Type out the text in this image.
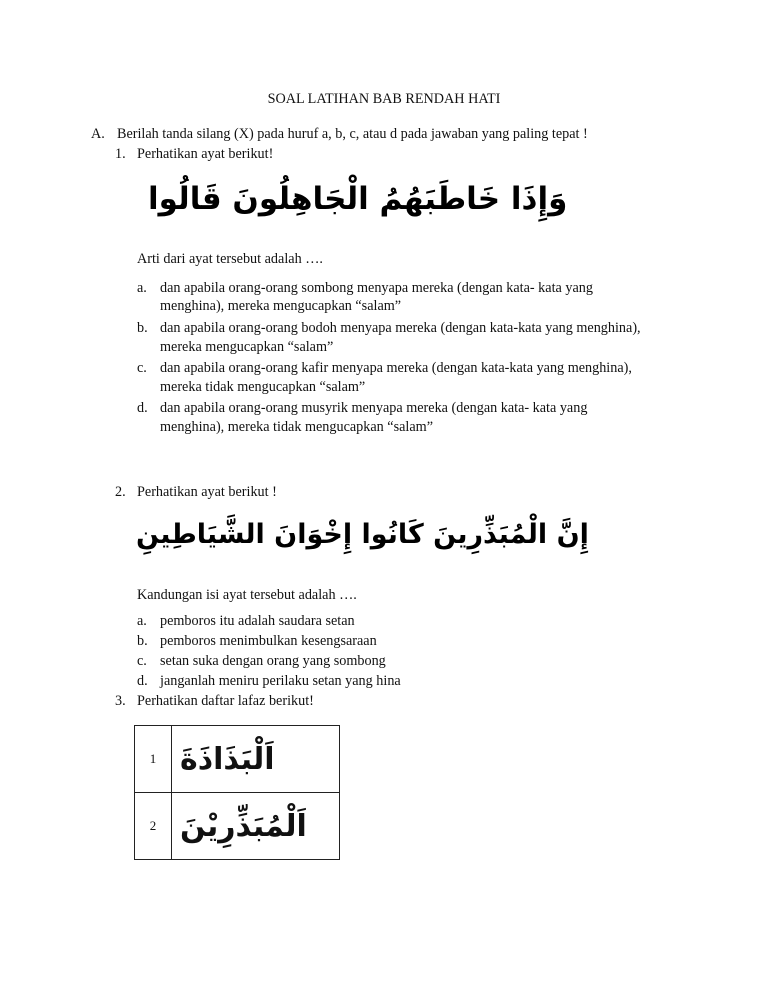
SOAL LATIHAN BAB RENDAH HATI
A. Berilah tanda silang (X) pada huruf a, b, c, atau d pada jawaban yang paling tepat !
1. Perhatikan ayat berikut!
وَإِذَا خَاطَبَهُمُ الْجَاهِلُونَ قَالُوا
Arti dari ayat tersebut adalah ….
a. dan apabila orang-orang sombong menyapa mereka (dengan kata- kata yang
menghina), mereka mengucapkan “salam”
b. dan apabila orang-orang bodoh menyapa mereka (dengan kata-kata yang menghina),
mereka mengucapkan “salam”
c. dan apabila orang-orang kafir menyapa mereka (dengan kata-kata yang menghina),
mereka tidak mengucapkan “salam”
d. dan apabila orang-orang musyrik menyapa mereka (dengan kata- kata yang
menghina), mereka tidak mengucapkan “salam”
2. Perhatikan ayat berikut !
إِنَّ الْمُبَذِّرِينَ كَانُوا إِخْوَانَ الشَّيَاطِينِ
Kandungan isi ayat tersebut adalah ….
a. pemboros itu adalah saudara setan
b. pemboros menimbulkan kesengsaraan
c. setan suka dengan orang yang sombong
d. janganlah meniru perilaku setan yang hina
3. Perhatikan daftar lafaz berikut!
1	اَلْبَذَاذَةَ
2	اَلْمُبَذِّرِيْنَ
